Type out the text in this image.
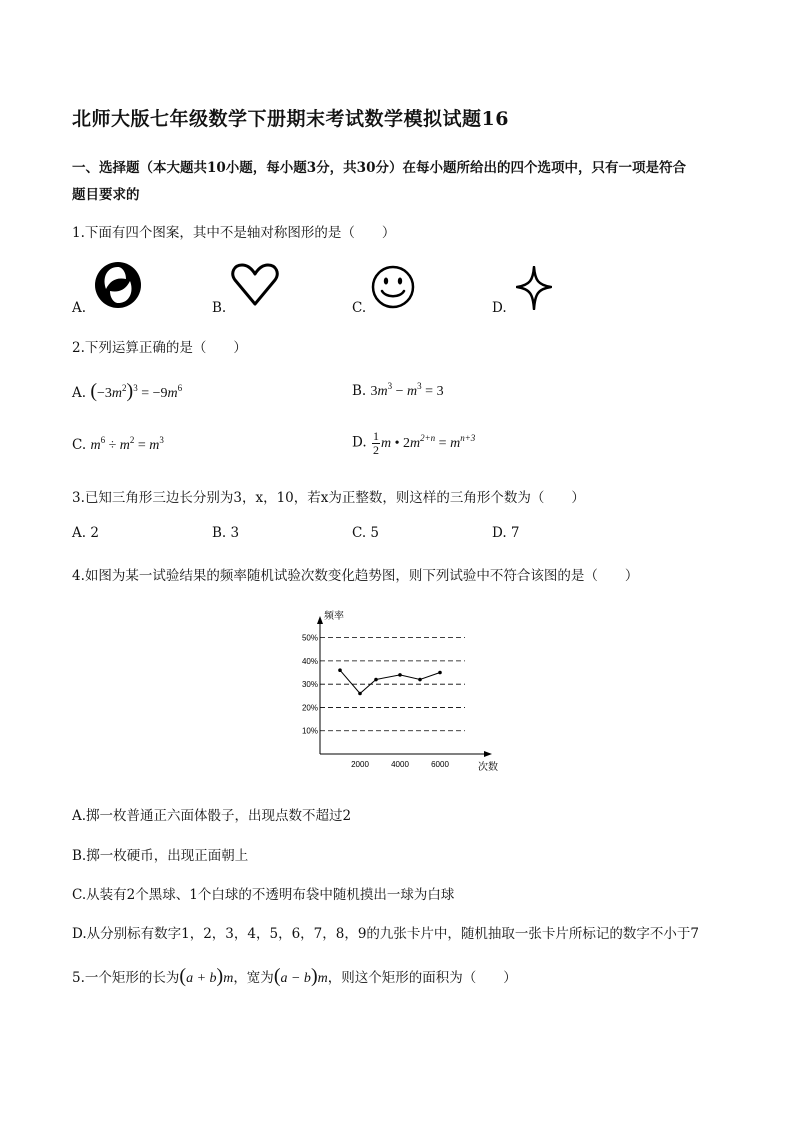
北师大版七年级数学下册期末考试数学模拟试题16
一、选择题（本大题共10小题，每小题3分，共30分）在每小题所给出的四个选项中，只有一项是符合
题目要求的
1.下面有四个图案，其中不是轴对称图形的是（　　）
A.	B.	C.	D.
2.下列运算正确的是（　　）
A. $(-3m^2)^3 = -9m^6$	B. $3m^3 - m^3 = 3$
C. $m^6 \div m^2 = m^3$	D. $\frac{1}{2}$ m • $2m^{2+n} = m^{n+3}$
3.已知三角形三边长分别为3，x，10，若x为正整数，则这样的三角形个数为（　　）
A. 2	B. 3	C. 5	D. 7
4.如图为某一试验结果的频率随机试验次数变化趋势图，则下列试验中不符合该图的是（　　）
频率
次数
10%
20%
30%
40%
50%
2000	4000	6000
A.掷一枚普通正六面体骰子，出现点数不超过2
B.掷一枚硬币，出现正面朝上
C.从装有2个黑球、1个白球的不透明布袋中随机摸出一球为白球
D.从分别标有数字1，2，3，4，5，6，7，8，9的九张卡片中，随机抽取一张卡片所标记的数字不小于7
5.一个矩形的长为(a + b)m，宽为(a − b)m，则这个矩形的面积为（　　）
